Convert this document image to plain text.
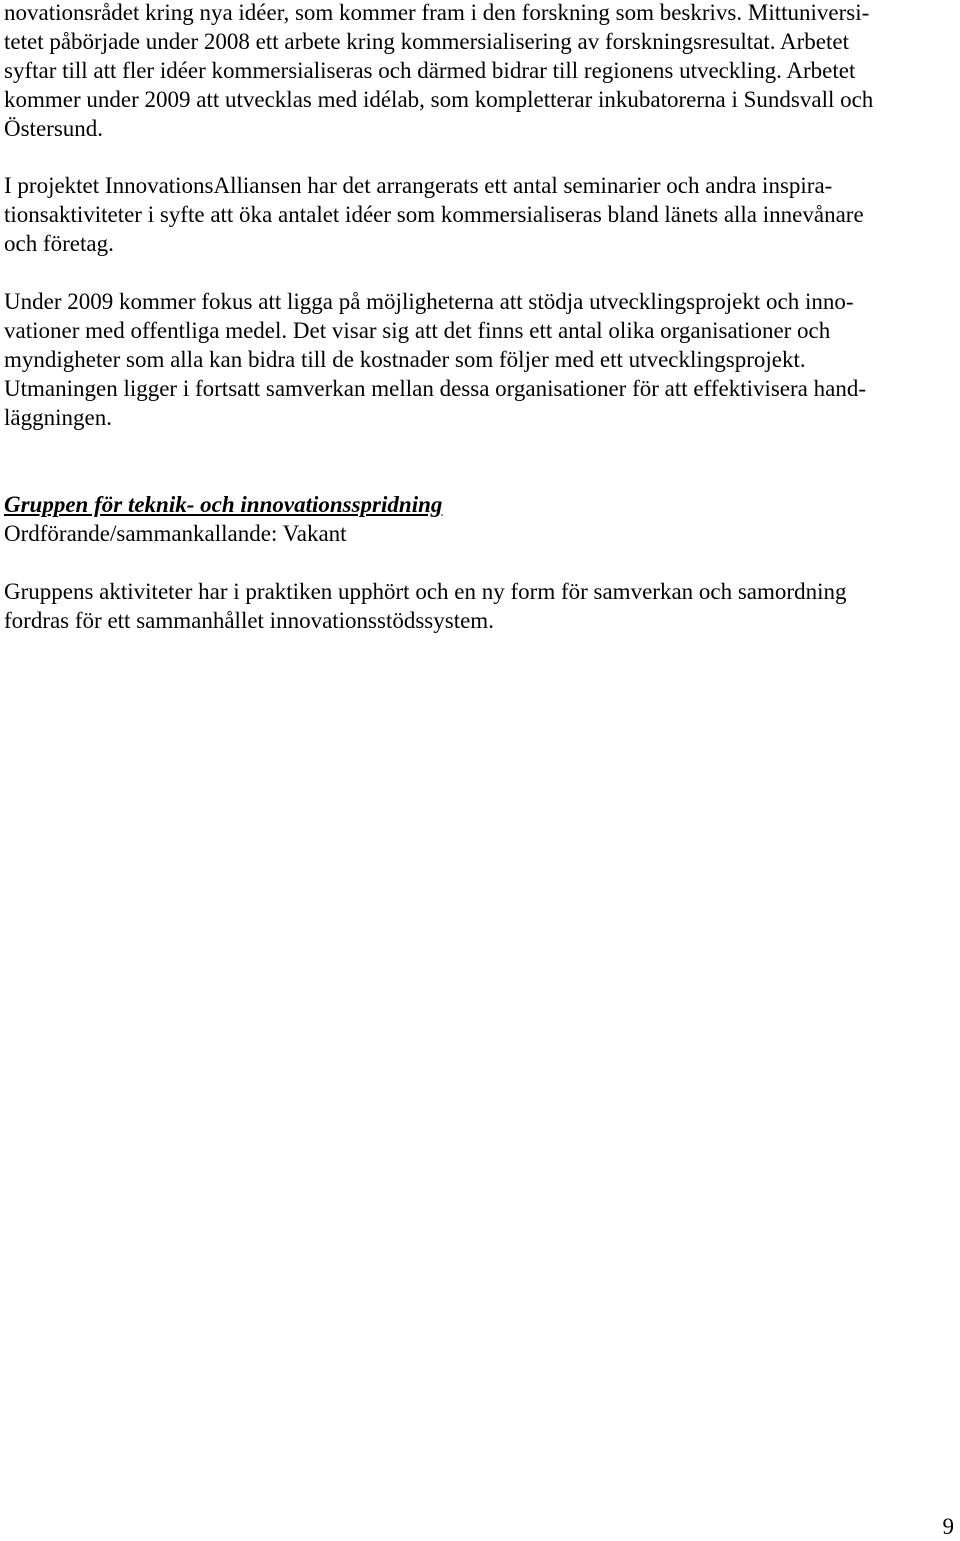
novationsrådet kring nya idéer, som kommer fram i den forskning som beskrivs. Mittuniversi-
tetet påbörjade under 2008 ett arbete kring kommersialisering av forskningsresultat. Arbetet
syftar till att fler idéer kommersialiseras och därmed bidrar till regionens utveckling. Arbetet
kommer under 2009 att utvecklas med idélab, som kompletterar inkubatorerna i Sundsvall och
Östersund.
I projektet InnovationsAlliansen har det arrangerats ett antal seminarier och andra inspira-
tionsaktiviteter i syfte att öka antalet idéer som kommersialiseras bland länets alla innevånare
och företag.
Under 2009 kommer fokus att ligga på möjligheterna att stödja utvecklingsprojekt och inno-
vationer med offentliga medel. Det visar sig att det finns ett antal olika organisationer och
myndigheter som alla kan bidra till de kostnader som följer med ett utvecklingsprojekt.
Utmaningen ligger i fortsatt samverkan mellan dessa organisationer för att effektivisera hand-
läggningen.
Gruppen för teknik- och innovationsspridning
Ordförande/sammankallande: Vakant
Gruppens aktiviteter har i praktiken upphört och en ny form för samverkan och samordning
fordras för ett sammanhållet innovationsstödssystem.
9
